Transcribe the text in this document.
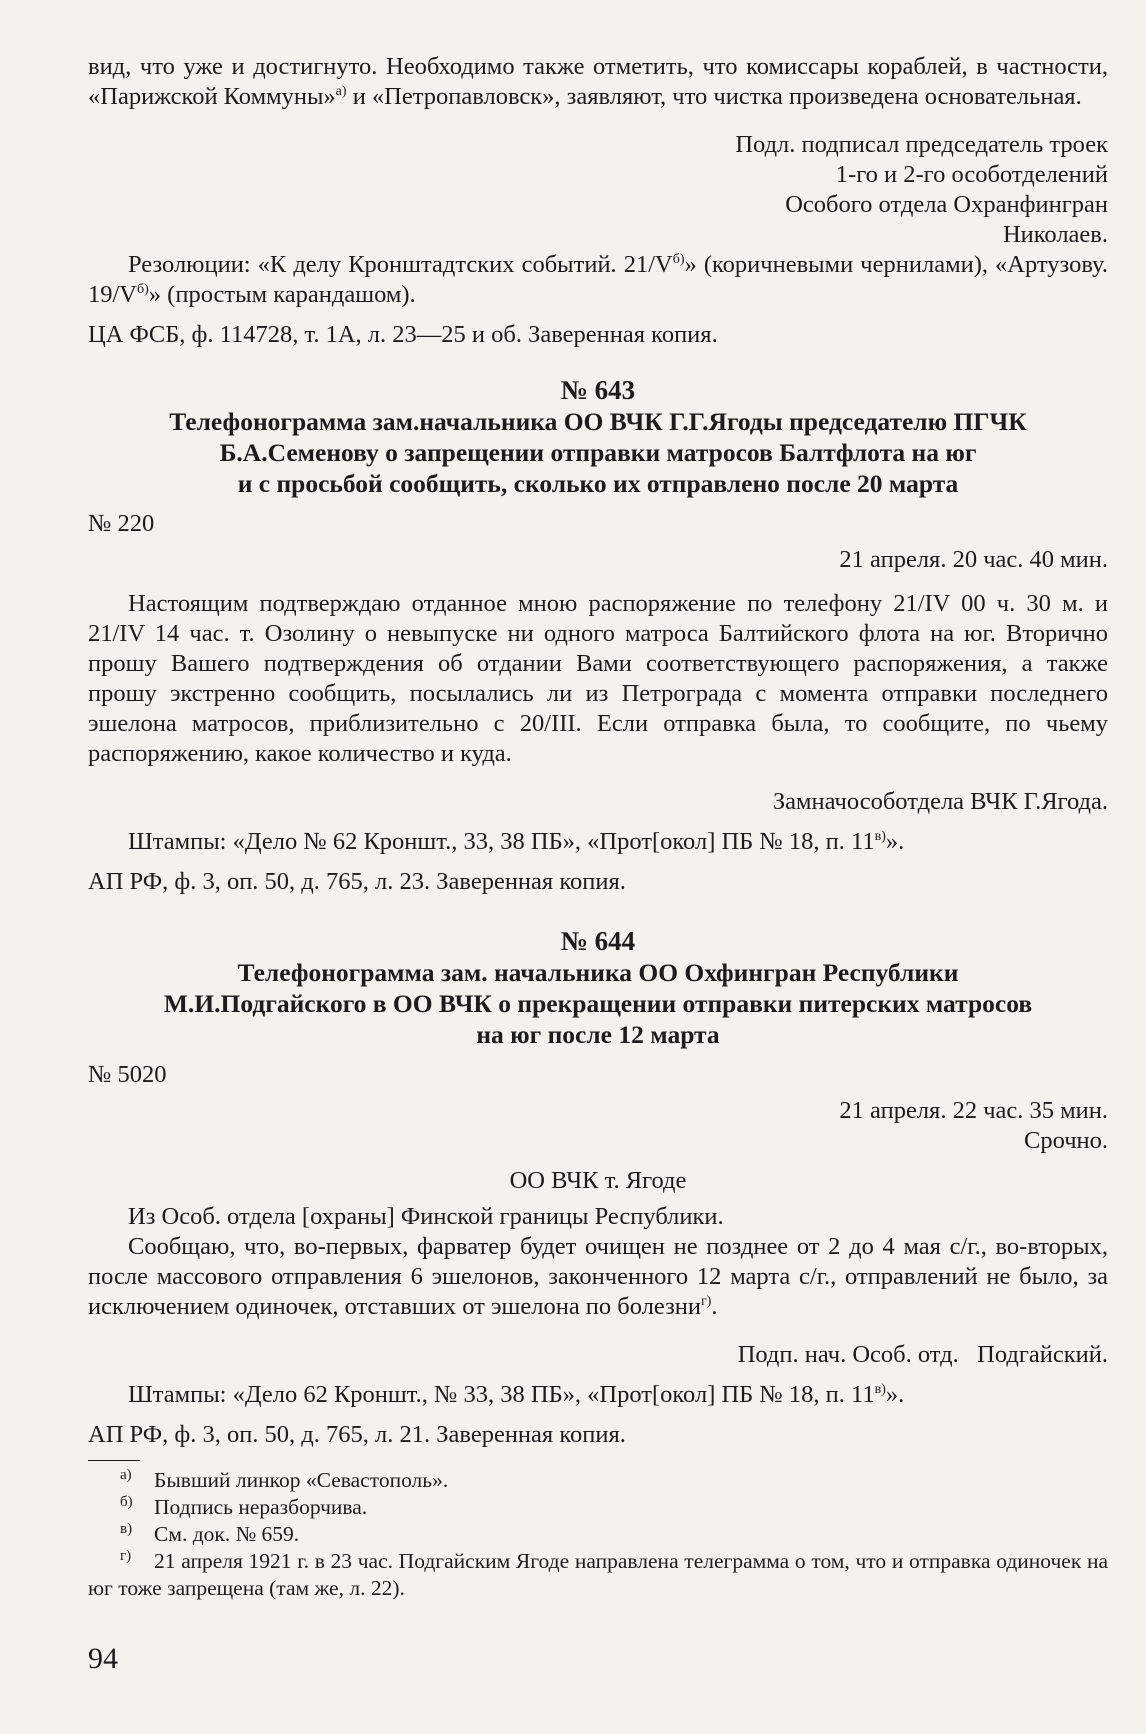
вид, что уже и достигнуто. Необходимо также отметить, что комиссары кораблей, в частности, «Парижской Коммуны»$^{а)}$ и «Петропавловск», заявляют, что чистка произведена основательная.

Подл. подписал председатель троек

1-го и 2-го особотделений

Особого отдела Охранфингран

Николаев.

Резолюции: «К делу Кронштадтских событий. $21/V^{б)}$» (коричневыми чернилами), «Артузову. $19/V^{б)}$» (простым карандашом).

ЦА ФСБ, ф. 114728, т. 1А, л. 23—25 и об. Заверенная копия.

№ 643

Телефонограмма зам.начальника ОО ВЧК Г.Г.Ягоды председателю ПГЧК

Б.А.Семенову о запрещении отправки матросов Балтфлота на юг

и с просьбой сообщить, сколько их отправлено после 20 марта

№ 220

21 апреля. 20 час. 40 мин.

Настоящим подтверждаю отданное мною распоряжение по телефону 21/IV 00 ч. 30 м. и 21/IV 14 час. т. Озолину о невыпуске ни одного матроса Балтийского флота на юг. Вторично прошу Вашего подтверждения об отдании Вами соответствующего распоряжения, а также прошу экстренно сообщить, посылались ли из Петрограда с момента отправки последнего эшелона матросов, приблизительно с 20/III. Если отправка была, то сообщите, по чьему распоряжению, какое количество и куда.

Замначособотдела ВЧК Г.Ягода.

Штампы: «Дело № 62 Кроншт., 33, 38 ПБ», «Прот[окол] ПБ № 18, п. $11^{в)}$».

АП РФ, ф. 3, оп. 50, д. 765, л. 23. Заверенная копия.

№ 644

Телефонограмма зам. начальника ОО Охфингран Республики

М.И.Подгайского в ОО ВЧК о прекращении отправки питерских матросов

на юг после 12 марта

№ 5020

21 апреля. 22 час. 35 мин.

Срочно.

ОО ВЧК т. Ягоде

Из Особ. отдела [охраны] Финской границы Республики.

Сообщаю, что, во-первых, фарватер будет очищен не позднее от 2 до 4 мая с/г., во-вторых, после массового отправления 6 эшелонов, законченного 12 марта с/г., отправлений не было, за исключением одиночек, отставших от эшелона по болезни$^{г)}$.

Подп. нач. Особ. отд.   Подгайский.

Штампы: «Дело 62 Кроншт., № 33, 38 ПБ», «Прот[окол] ПБ № 18, п. $11^{в)}$».

АП РФ, ф. 3, оп. 50, д. 765, л. 21. Заверенная копия.

а) Бывший линкор «Севастополь».

б) Подпись неразборчива.

в) См. док. № 659.

г) 21 апреля 1921 г. в 23 час. Подгайским Ягоде направлена телеграмма о том, что и отправка одиночек на юг тоже запрещена (там же, л. 22).

94
